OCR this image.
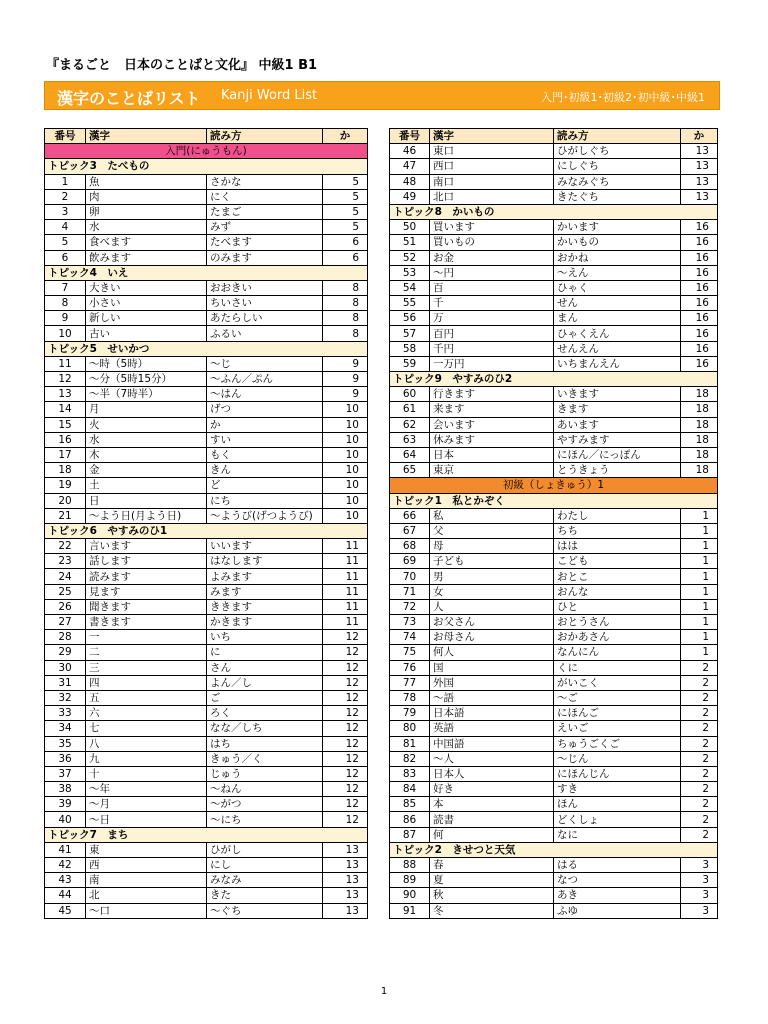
『まるごと　日本のことばと文化』 中級1 B1
漢字のことばリスト Kanji Word List	入門･初級1･初級2･初中級･中級1
番号	漢字	読み方	か
入門(にゅうもん)			
トピック3　たべもの			
1	魚	さかな	5
2	肉	にく	5
3	卵	たまご	5
4	水	みず	5
5	食べます	たべます	6
6	飲みます	のみます	6
トピック4　いえ			
7	大きい	おおきい	8
8	小さい	ちいさい	8
9	新しい	あたらしい	8
10	古い	ふるい	8
トピック5　せいかつ			
11	～時（5時）	～じ	9
12	～分（5時15分）	～ふん／ぷん	9
13	～半（7時半）	～はん	9
14	月	げつ	10
15	火	か	10
16	水	すい	10
17	木	もく	10
18	金	きん	10
19	土	ど	10
20	日	にち	10
21	～よう日(月よう日)	～ようび(げつようび)	10
トピック6　やすみのひ1			
22	言います	いいます	11
23	話します	はなします	11
24	読みます	よみます	11
25	見ます	みます	11
26	聞きます	ききます	11
27	書きます	かきます	11
28	一	いち	12
29	二	に	12
30	三	さん	12
31	四	よん／し	12
32	五	ご	12
33	六	ろく	12
34	七	なな／しち	12
35	八	はち	12
36	九	きゅう／く	12
37	十	じゅう	12
38	～年	～ねん	12
39	～月	～がつ	12
40	～日	～にち	12
トピック7　まち			
41	東	ひがし	13
42	西	にし	13
43	南	みなみ	13
44	北	きた	13
45	～口	～ぐち	13
番号	漢字	読み方	か
46	東口	ひがしぐち	13
47	西口	にしぐち	13
48	南口	みなみぐち	13
49	北口	きたぐち	13
トピック8　かいもの			
50	買います	かいます	16
51	買いもの	かいもの	16
52	お金	おかね	16
53	～円	～えん	16
54	百	ひゃく	16
55	千	せん	16
56	万	まん	16
57	百円	ひゃくえん	16
58	千円	せんえん	16
59	一万円	いちまんえん	16
トピック9　やすみのひ2			
60	行きます	いきます	18
61	来ます	きます	18
62	会います	あいます	18
63	休みます	やすみます	18
64	日本	にほん／にっぽん	18
65	東京	とうきょう	18
初級（しょきゅう）1			
トピック1　私とかぞく			
66	私	わたし	1
67	父	ちち	1
68	母	はは	1
69	子ども	こども	1
70	男	おとこ	1
71	女	おんな	1
72	人	ひと	1
73	お父さん	おとうさん	1
74	お母さん	おかあさん	1
75	何人	なんにん	1
76	国	くに	2
77	外国	がいこく	2
78	～語	～ご	2
79	日本語	にほんご	2
80	英語	えいご	2
81	中国語	ちゅうごくご	2
82	～人	～じん	2
83	日本人	にほんじん	2
84	好き	すき	2
85	本	ほん	2
86	読書	どくしょ	2
87	何	なに	2
トピック2　きせつと天気			
88	春	はる	3
89	夏	なつ	3
90	秋	あき	3
91	冬	ふゆ	3
1
